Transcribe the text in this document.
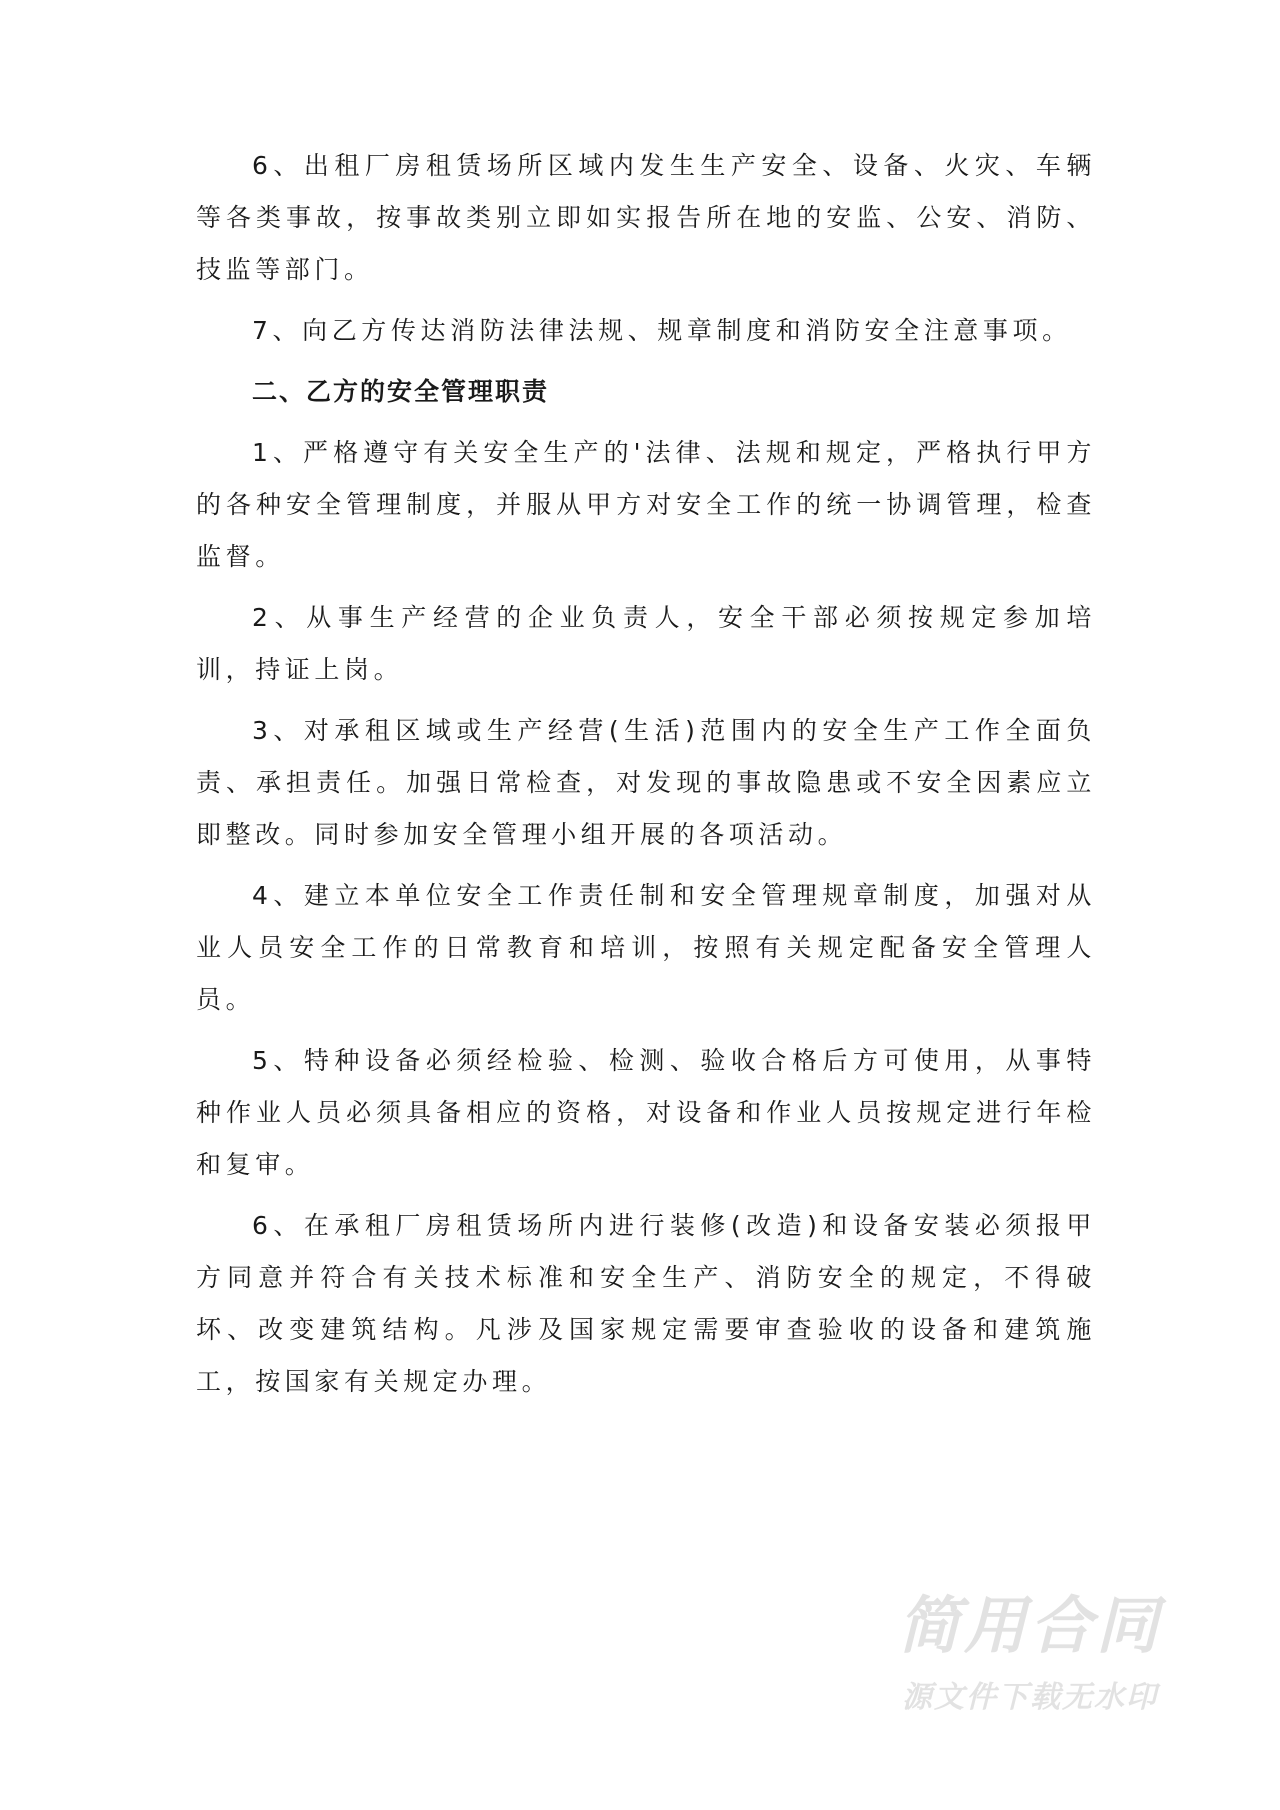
6、出租厂房租赁场所区域内发生生产安全、设备、火灾、车辆等各类事故，按事故类别立即如实报告所在地的安监、公安、消防、技监等部门。

7、向乙方传达消防法律法规、规章制度和消防安全注意事项。

二、乙方的安全管理职责

1、严格遵守有关安全生产的'法律、法规和规定，严格执行甲方的各种安全管理制度，并服从甲方对安全工作的统一协调管理，检查监督。

2、从事生产经营的企业负责人，安全干部必须按规定参加培训，持证上岗。

3、对承租区域或生产经营(生活)范围内的安全生产工作全面负责、承担责任。加强日常检查，对发现的事故隐患或不安全因素应立即整改。同时参加安全管理小组开展的各项活动。

4、建立本单位安全工作责任制和安全管理规章制度，加强对从业人员安全工作的日常教育和培训，按照有关规定配备安全管理人员。

5、特种设备必须经检验、检测、验收合格后方可使用，从事特种作业人员必须具备相应的资格，对设备和作业人员按规定进行年检和复审。

6、在承租厂房租赁场所内进行装修(改造)和设备安装必须报甲方同意并符合有关技术标准和安全生产、消防安全的规定，不得破坏、改变建筑结构。凡涉及国家规定需要审查验收的设备和建筑施工，按国家有关规定办理。

简用合同
源文件下载无水印
